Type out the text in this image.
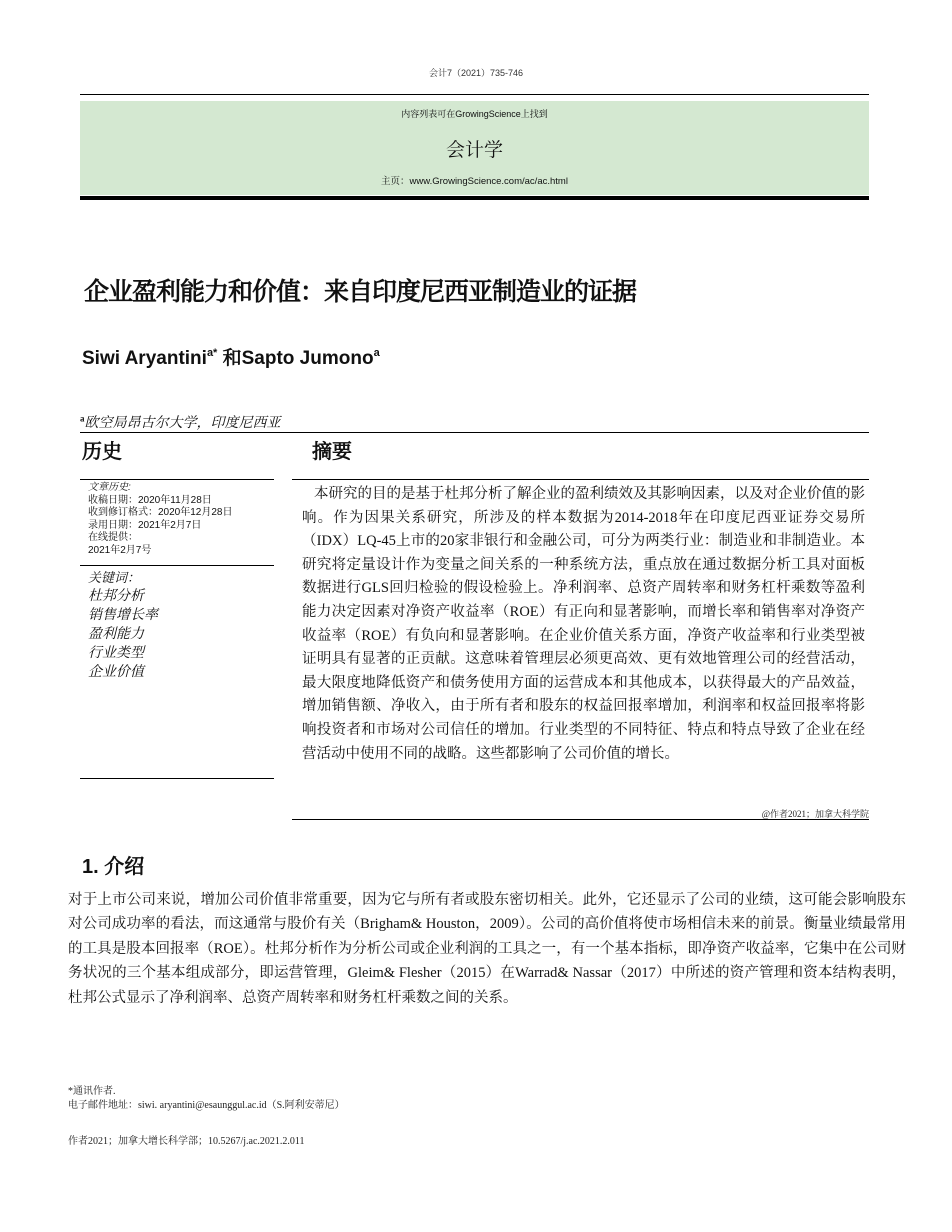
会计7（2021）735-746
内容列表可在GrowingScience上找到
会计学
主页：www.GrowingScience.com/ac/ac.html
企业盈利能力和价值：来自印度尼西亚制造业的证据
Siwi Aryantini$^{a*}$ 和Sapto Jumono$^a$
$^a$欧空局昂古尔大学，印度尼西亚
历史	摘要
文章历史:
收稿日期：2020年11月28日
收到修订格式：2020年12月28日
录用日期：2021年2月7日
在线提供：
2021年2月7号
关键词：
杜邦分析
销售增长率
盈利能力
行业类型
企业价值

本研究的目的是基于杜邦分析了解企业的盈利绩效及其影响因素，以及对企业价值的影响。作为因果关系研究，所涉及的样本数据为2014-2018年在印度尼西亚证券交易所（IDX）LQ-45上市的20家非银行和金融公司，可分为两类行业：制造业和非制造业。本研究将定量设计作为变量之间关系的一种系统方法，重点放在通过数据分析工具对面板数据进行GLS回归检验的假设检验上。净利润率、总资产周转率和财务杠杆乘数等盈利能力决定因素对净资产收益率（ROE）有正向和显著影响，而增长率和销售率对净资产收益率（ROE）有负向和显著影响。在企业价值关系方面，净资产收益率和行业类型被证明具有显著的正贡献。这意味着管理层必须更高效、更有效地管理公司的经营活动，最大限度地降低资产和债务使用方面的运营成本和其他成本，以获得最大的产品效益，增加销售额、净收入，由于所有者和股东的权益回报率增加，利润率和权益回报率将影响投资者和市场对公司信任的增加。行业类型的不同特征、特点和特点导致了企业在经营活动中使用不同的战略。这些都影响了公司价值的增长。

@作者2021；加拿大科学院
1. 介绍

对于上市公司来说，增加公司价值非常重要，因为它与所有者或股东密切相关。此外，它还显示了公司的业绩，这可能会影响股东对公司成功率的看法，而这通常与股价有关（Brigham& Houston，2009）。公司的高价值将使市场相信未来的前景。衡量业绩最常用的工具是股本回报率（ROE）。杜邦分析作为分析公司或企业利润的工具之一，有一个基本指标，即净资产收益率，它集中在公司财务状况的三个基本组成部分，即运营管理，Gleim& Flesher（2015）在Warrad& Nassar（2017）中所述的资产管理和资本结构表明，杜邦公式显示了净利润率、总资产周转率和财务杠杆乘数之间的关系。

*通讯作者.
电子邮件地址：siwi. aryantini@esaunggul.ac.id（S.阿利安蒂尼）
作者2021；加拿大增长科学部；10.5267/j.ac.2021.2.011
